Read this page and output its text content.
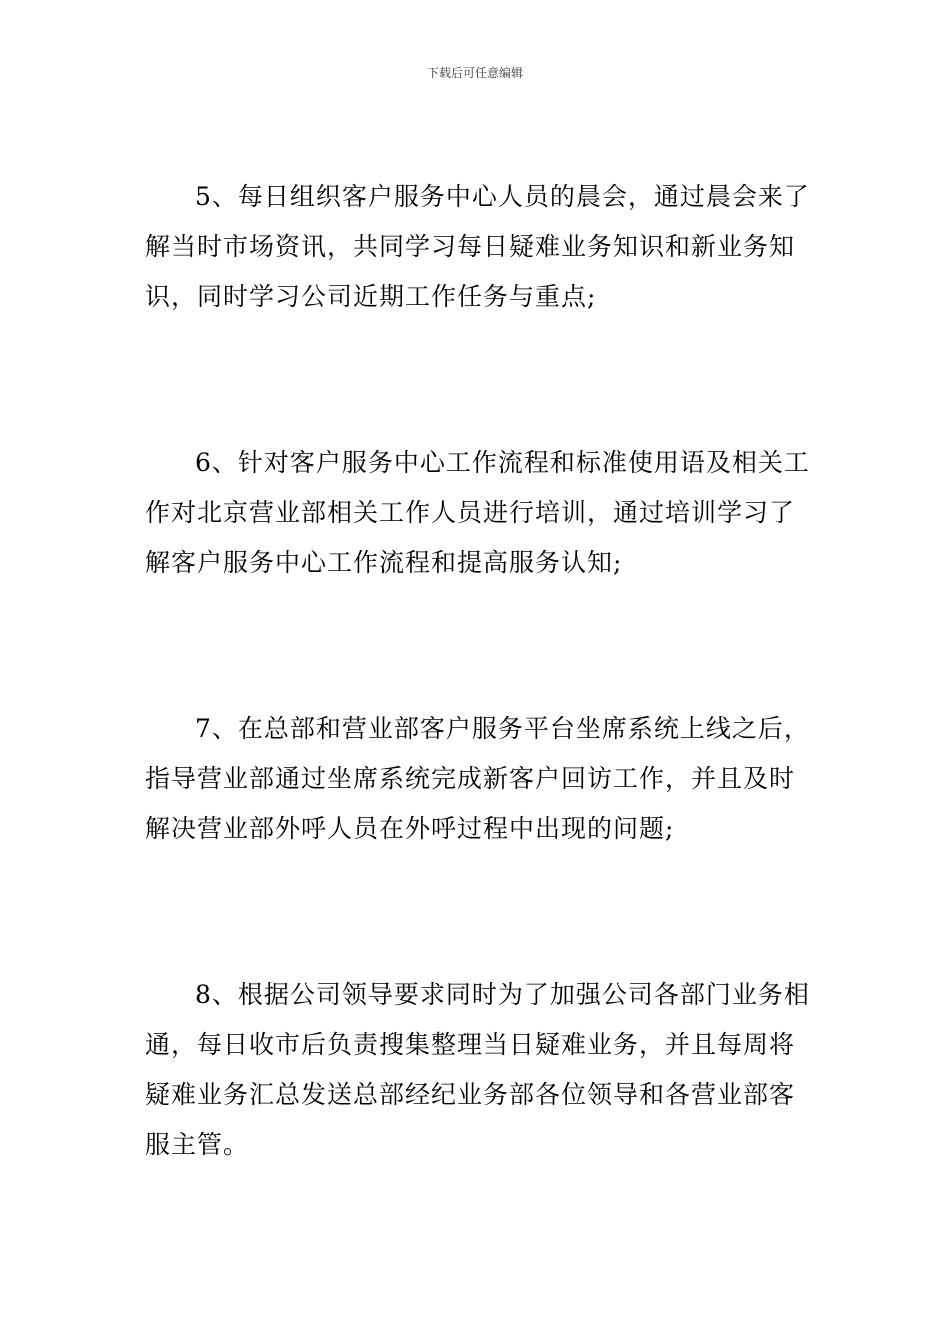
下载后可任意编辑

5、每日组织客户服务中心人员的晨会，通过晨会来了解当时市场资讯，共同学习每日疑难业务知识和新业务知识，同时学习公司近期工作任务与重点;

6、针对客户服务中心工作流程和标准使用语及相关工作对北京营业部相关工作人员进行培训，通过培训学习了解客户服务中心工作流程和提高服务认知;

7、在总部和营业部客户服务平台坐席系统上线之后，指导营业部通过坐席系统完成新客户回访工作，并且及时解决营业部外呼人员在外呼过程中出现的问题;

8、根据公司领导要求同时为了加强公司各部门业务相通，每日收市后负责搜集整理当日疑难业务，并且每周将疑难业务汇总发送总部经纪业务部各位领导和各营业部客服主管。
